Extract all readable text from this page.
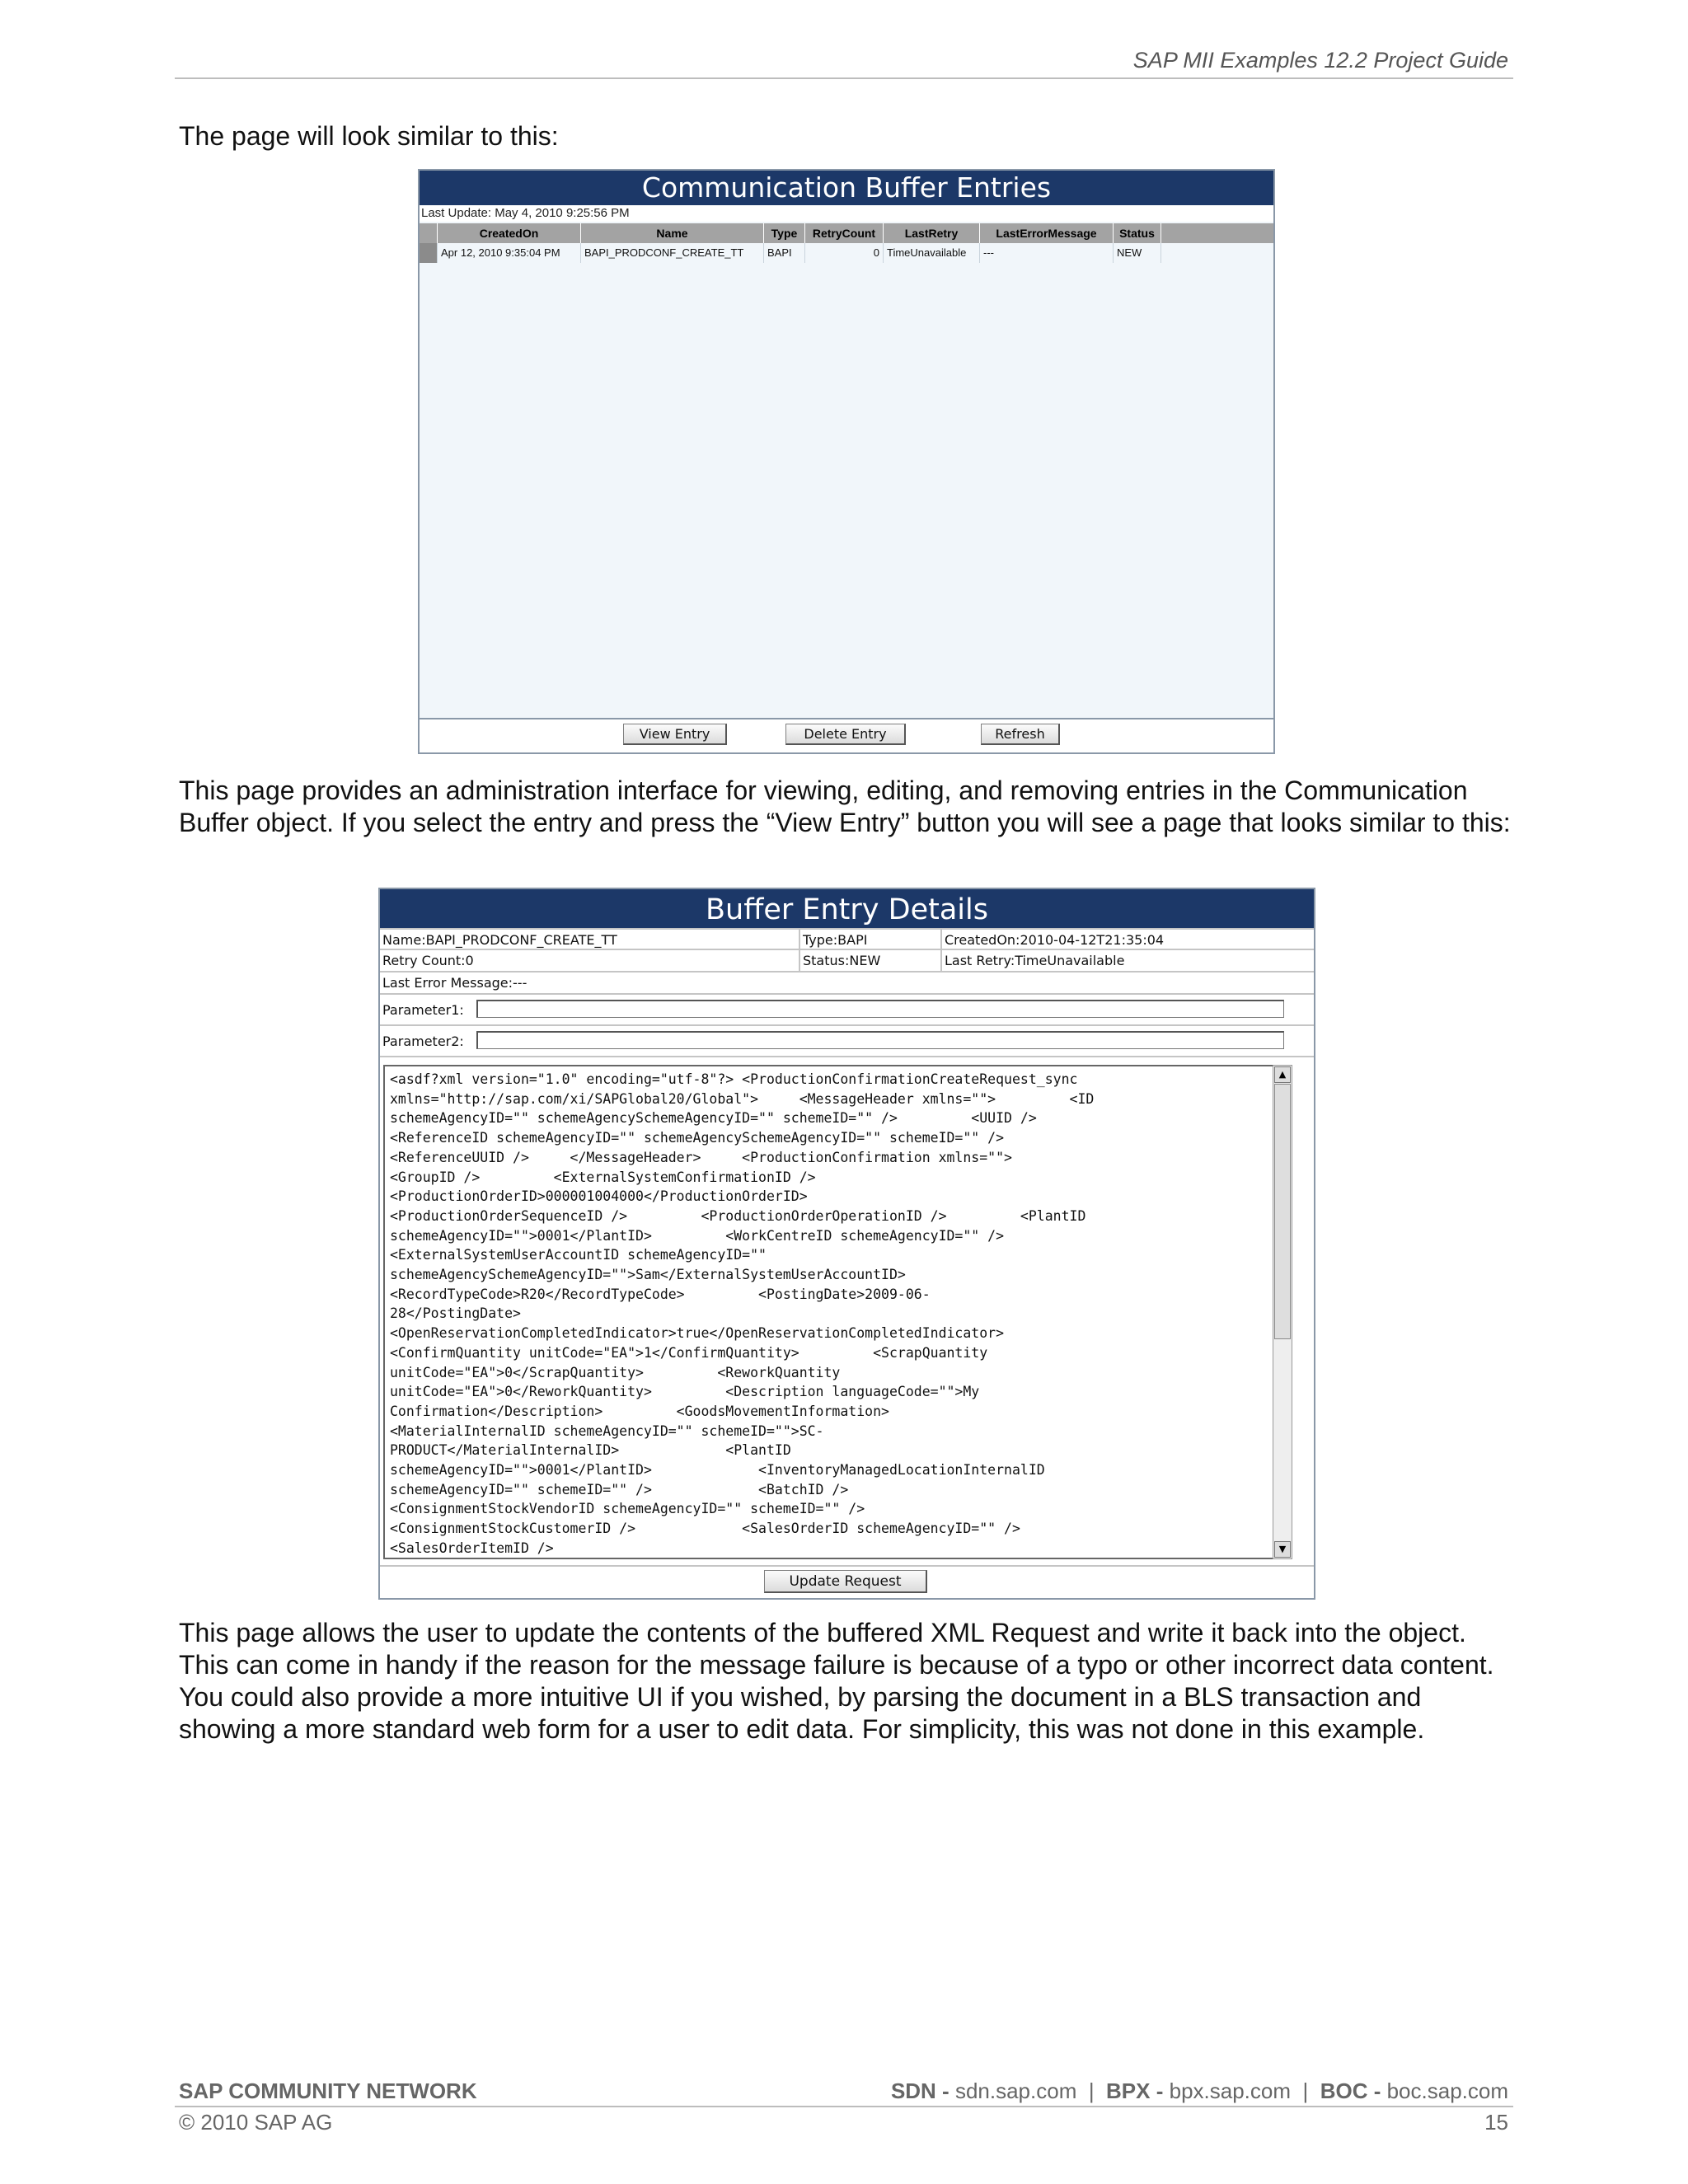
SAP MII Examples 12.2 Project Guide
The page will look similar to this:
Communication Buffer Entries
Last Update: May 4, 2010 9:25:56 PM
CreatedOn	Name	Type	RetryCount	LastRetry	LastErrorMessage	Status
Apr 12, 2010 9:35:04 PM	BAPI_PRODCONF_CREATE_TT	BAPI	0 TimeUnavailable	---	NEW
View Entry	Delete Entry	Refresh
This page provides an administration interface for viewing, editing, and removing entries in the Communication Buffer object. If you select the entry and press the “View Entry” button you will see a page that looks similar to this:
Buffer Entry Details
Name:BAPI_PRODCONF_CREATE_TT	Type:BAPI	CreatedOn:2010-04-12T21:35:04
Retry Count:0	Status:NEW	Last Retry:TimeUnavailable
Last Error Message:---
Parameter1:
Parameter2:
<asdf?xml version="1.0" encoding="utf-8"?> <ProductionConfirmationCreateRequest_sync
xmlns="http://sap.com/xi/SAPGlobal20/Global">     <MessageHeader xmlns="">         <ID
schemeAgencyID="" schemeAgencySchemeAgencyID="" schemeID="" />         <UUID />
<ReferenceID schemeAgencyID="" schemeAgencySchemeAgencyID="" schemeID="" />
<ReferenceUUID />     </MessageHeader>     <ProductionConfirmation xmlns="">
<GroupID />         <ExternalSystemConfirmationID />
<ProductionOrderID>000001004000</ProductionOrderID>
<ProductionOrderSequenceID />         <ProductionOrderOperationID />         <PlantID
schemeAgencyID="">0001</PlantID>         <WorkCentreID schemeAgencyID="" />
<ExternalSystemUserAccountID schemeAgencyID=""
schemeAgencySchemeAgencyID="">Sam</ExternalSystemUserAccountID>
<RecordTypeCode>R20</RecordTypeCode>         <PostingDate>2009-06-
28</PostingDate>
<OpenReservationCompletedIndicator>true</OpenReservationCompletedIndicator>
<ConfirmQuantity unitCode="EA">1</ConfirmQuantity>         <ScrapQuantity
unitCode="EA">0</ScrapQuantity>         <ReworkQuantity
unitCode="EA">0</ReworkQuantity>         <Description languageCode="">My
Confirmation</Description>         <GoodsMovementInformation>
<MaterialInternalID schemeAgencyID="" schemeID="">SC-
PRODUCT</MaterialInternalID>             <PlantID
schemeAgencyID="">0001</PlantID>             <InventoryManagedLocationInternalID
schemeAgencyID="" schemeID="" />             <BatchID />
<ConsignmentStockVendorID schemeAgencyID="" schemeID="" />
<ConsignmentStockCustomerID />             <SalesOrderID schemeAgencyID="" />
<SalesOrderItemID />
▲
▼
Update Request
This page allows the user to update the contents of the buffered XML Request and write it back into the object. This can come in handy if the reason for the message failure is because of a typo or other incorrect data content. You could also provide a more intuitive UI if you wished, by parsing the document in a BLS transaction and showing a more standard web form for a user to edit data. For simplicity, this was not done in this example.
SAP COMMUNITY NETWORK	SDN - sdn.sap.com | BPX - bpx.sap.com | BOC - boc.sap.com
© 2010 SAP AG	15
